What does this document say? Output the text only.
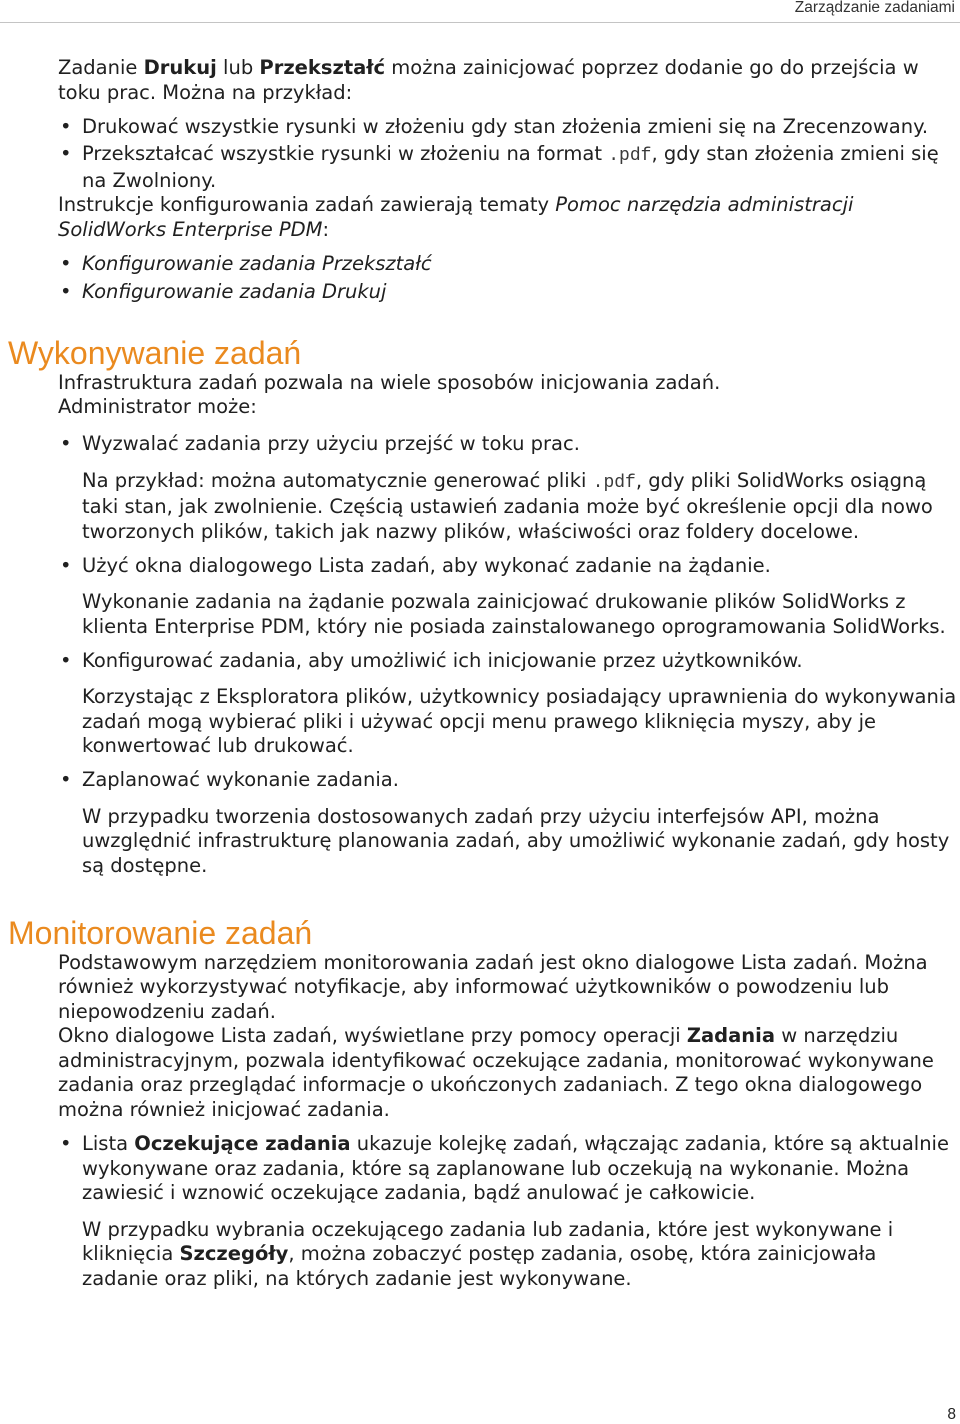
Zarządzanie zadaniami

Zadanie Drukuj lub Przekształć można zainicjować poprzez dodanie go do przejścia w toku prac. Można na przykład:

• Drukować wszystkie rysunki w złożeniu gdy stan złożenia zmieni się na Zrecenzowany.
• Przekształcać wszystkie rysunki w złożeniu na format .pdf, gdy stan złożenia zmieni się na Zwolniony.

Instrukcje konfigurowania zadań zawierają tematy Pomoc narzędzia administracji SolidWorks Enterprise PDM:

• Konfigurowanie zadania Przekształć
• Konfigurowanie zadania Drukuj
Wykonywanie zadań

Infrastruktura zadań pozwala na wiele sposobów inicjowania zadań.

Administrator może:

• Wyzwalać zadania przy użyciu przejść w toku prac.
Na przykład: można automatycznie generować pliki .pdf, gdy pliki SolidWorks osiągną taki stan, jak zwolnienie. Częścią ustawień zadania może być określenie opcji dla nowo tworzonych plików, takich jak nazwy plików, właściwości oraz foldery docelowe.
• Użyć okna dialogowego Lista zadań, aby wykonać zadanie na żądanie.
Wykonanie zadania na żądanie pozwala zainicjować drukowanie plików SolidWorks z klienta Enterprise PDM, który nie posiada zainstalowanego oprogramowania SolidWorks.
• Konfigurować zadania, aby umożliwić ich inicjowanie przez użytkowników.
Korzystając z Eksploratora plików, użytkownicy posiadający uprawnienia do wykonywania zadań mogą wybierać pliki i używać opcji menu prawego kliknięcia myszy, aby je konwertować lub drukować.
• Zaplanować wykonanie zadania.
W przypadku tworzenia dostosowanych zadań przy użyciu interfejsów API, można uwzględnić infrastrukturę planowania zadań, aby umożliwić wykonanie zadań, gdy hosty są dostępne.
Monitorowanie zadań

Podstawowym narzędziem monitorowania zadań jest okno dialogowe Lista zadań. Można również wykorzystywać notyfikacje, aby informować użytkowników o powodzeniu lub niepowodzeniu zadań.

Okno dialogowe Lista zadań, wyświetlane przy pomocy operacji Zadania w narzędziu administracyjnym, pozwala identyfikować oczekujące zadania, monitorować wykonywane zadania oraz przeglądać informacje o ukończonych zadaniach. Z tego okna dialogowego można również inicjować zadania.

• Lista Oczekujące zadania ukazuje kolejkę zadań, włączając zadania, które są aktualnie wykonywane oraz zadania, które są zaplanowane lub oczekują na wykonanie. Można zawiesić i wznowić oczekujące zadania, bądź anulować je całkowicie.
W przypadku wybrania oczekującego zadania lub zadania, które jest wykonywane i kliknięcia Szczegóły, można zobaczyć postęp zadania, osobę, która zainicjowała zadanie oraz pliki, na których zadanie jest wykonywane.
8
